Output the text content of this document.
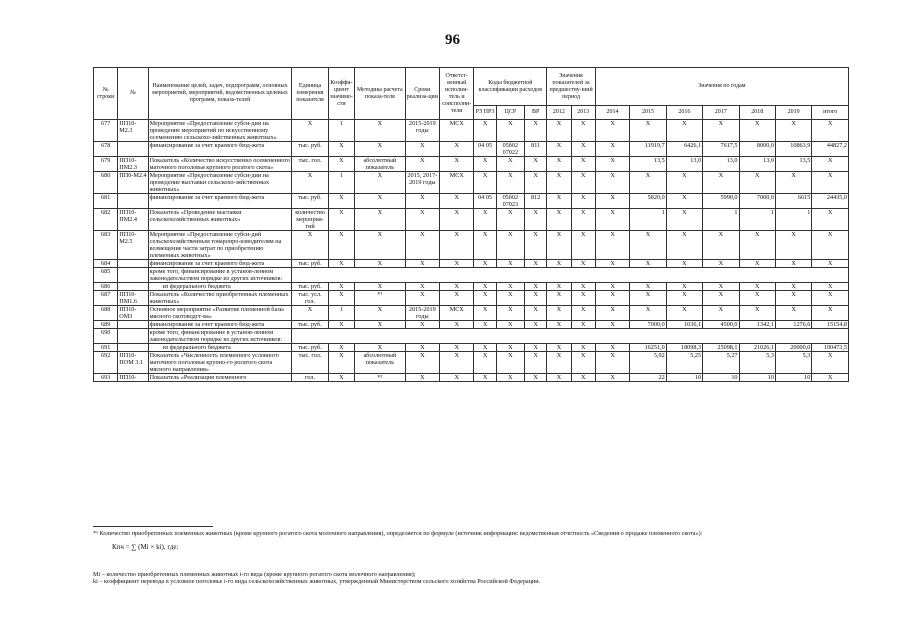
96
№ строки	№	Наименование целей, задач, подпрограмм, основных мероприятий, мероприятий, ведомственных целевых программ, показа-телей	Единица измерения показателя	Коэффи-циент значимо-сти	Методика расчета показа-теля	Сроки реализа-ции	Ответст-венный исполни-тель и соисполни-тели	Коды бюджетной классификации расходов			Значения показателей за предшеству-ший период		Значения по годам						

								РЗ ПР3	ЦСР	ВР	2012	2013	2014	2015	2016	2017	2018	2019	итого
677	ПП10-М2.3	Мероприятие «Предоставление субси-дии на проведение мероприятий по искусственному осеменению сельскохо-зяйственных животных»	Х	1	Х	2015-2019 годы	МСХ	Х	Х	Х	Х	Х	Х	Х	Х	Х	Х	Х	Х
678		финансирование за счет краевого бюд-жета	тыс. руб.	Х	Х	Х	Х	04 05	05б02 07022	811	Х	Х	Х	11919,7	6426,1	7617,5	8000,0	10863,9	44827,2
679	ПП10-ПМ2.3	Показатель «Количество искусственно осемененного маточного поголовья крупного рогатого скота»	тыс. гол.	Х	абсолютный показатель	Х	Х	Х	Х	Х	Х	Х	Х	13,5	13,0	13,0	13,0	13,5	Х
680	ПП0-М2.4	Мероприятие «Предоставление субси-дии на проведение выставки сельскохо-зяйственных животных»	Х	1	Х	2015, 2017-2019 годы	МСХ	Х	Х	Х	Х	Х	Х	Х	Х	Х	Х	Х	Х
681		финансирование за счет краевого бюд-жета	тыс. руб.	Х	Х	Х	Х	04 05	05б02 07023	812	Х	Х	Х	5820,0	Х	5990,0	7000,0	6615	24435,0
682	ПП10-ПМ2.4	Показатель «Проведение выставки сельскохозяйственных животных»	количество мероприя-тий	Х	Х	Х	Х	Х	Х	Х	Х	Х	Х	1	Х	1	1	1	Х
683	ПП10-М2.5	Мероприятие «Предоставление субси-дий сельскохозяйственным товаропро-изводителям на возмещение части затрат по приобретению племенных животных»	Х	Х	Х	Х	Х	Х	Х	Х	Х	Х	Х	Х	Х	Х	Х	Х	Х
684		финансирование за счет краевого бюд-жета	тыс. руб.	Х	Х	Х	Х	Х	Х	Х	Х	Х	Х	Х	Х	Х	Х	Х	Х
685		кроме того, финансирование в установ-ленном законодательством порядке из других источников:																	
686		из федерального бюджета	тыс. руб.	Х	Х	Х	Х	Х	Х	Х	Х	Х	Х	Х	Х	Х	Х	Х	Х
687	ПП10-ПМ1.6	Показатель «Количество приобретенных племенных животных»	тыс. усл. гол.	Х	*¹	Х	Х	Х	Х	Х	Х	Х	Х	Х	Х	Х	Х	Х	Х
688	ПП10-ОМ3	Основное мероприятие «Развитие племенной базы мясного скотоводст-ва»	Х	1	Х	2015-2019 годы	МСХ	Х	Х	Х	Х	Х	Х	Х	Х	Х	Х	Х	Х
689		финансирование за счет краевого бюд-жета	тыс. руб.	Х	Х	Х	Х	Х	Х	Х	Х	Х	Х	7000,0	1036,1	4500,0	1342,1	1276,6	15154,8
690		кроме того, финансирование в установ-ленном законодательством порядке из других источников:																	
691		из федерального бюджета	тыс. руб.	Х	Х	Х	Х	Х	Х	Х	Х	Х	Х	16251,0	18098,3	25098,1	21026,1	20000,0	100473,5
692	ПП10-ПОМ 3.1	Показатель «Численность племенного условного маточного поголовья крупно-го рогатого скота мясного направления»	тыс. гол.	Х	абсолютный показатель	Х	Х	Х	Х	Х	Х	Х	Х	5,92	5,25	5,27	5,3	5,3	Х
693	ПП10-	Показатель «Реализация племенного	гол.	Х	*²	Х	Х	Х	Х	Х	Х	Х	Х	22	10	10	10	10	Х
*¹ Количество приобретенных племенных животных (кроме крупного рогатого скота молочного направления), определяется по формуле (источник информации: ведомственная отчетность «Сведения о продаже племенного скота»):
Кпч = ∑ (Mi × ki), где:
Mi – количество приобретенных племенных животных i-го вида (кроме крупного рогатого скота молочного направления);
ki – коэффициент перевода в условное поголовье i-го вида сельскохозяйственных животных, утвержденный Министерством сельского хозяйства Российской Федерации.
